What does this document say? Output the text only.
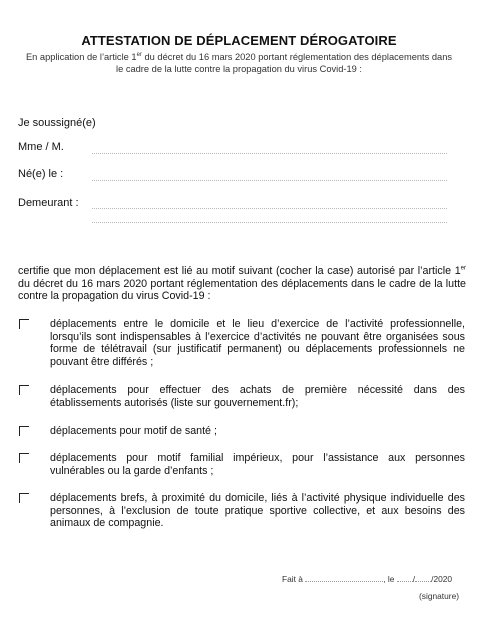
ATTESTATION DE DÉPLACEMENT DÉROGATOIRE
En application de l’article 1er du décret du 16 mars 2020 portant réglementation des déplacements dans le cadre de la lutte contre la propagation du virus Covid-19 :
Je soussigné(e)
Mme / M.
Né(e) le :
Demeurant :
certifie que mon déplacement est lié au motif suivant (cocher la case) autorisé par l’article 1er du décret du 16 mars 2020 portant réglementation des déplacements dans le cadre de la lutte contre la propagation du virus Covid-19 :
déplacements entre le domicile et le lieu d’exercice de l’activité professionnelle, lorsqu’ils sont indispensables à l’exercice d’activités ne pouvant être organisées sous forme de télétravail (sur justificatif permanent) ou déplacements professionnels ne pouvant être différés ;
déplacements pour effectuer des achats de première nécessité dans des établissements autorisés (liste sur gouvernement.fr);
déplacements pour motif de santé ;
déplacements pour motif familial impérieux, pour l’assistance aux personnes vulnérables ou la garde d’enfants ;
déplacements brefs, à proximité du domicile, liés à l’activité physique individuelle des personnes, à l’exclusion de toute pratique sportive collective, et aux besoins des animaux de compagnie.
Fait à	, le / /2020
(signature)
